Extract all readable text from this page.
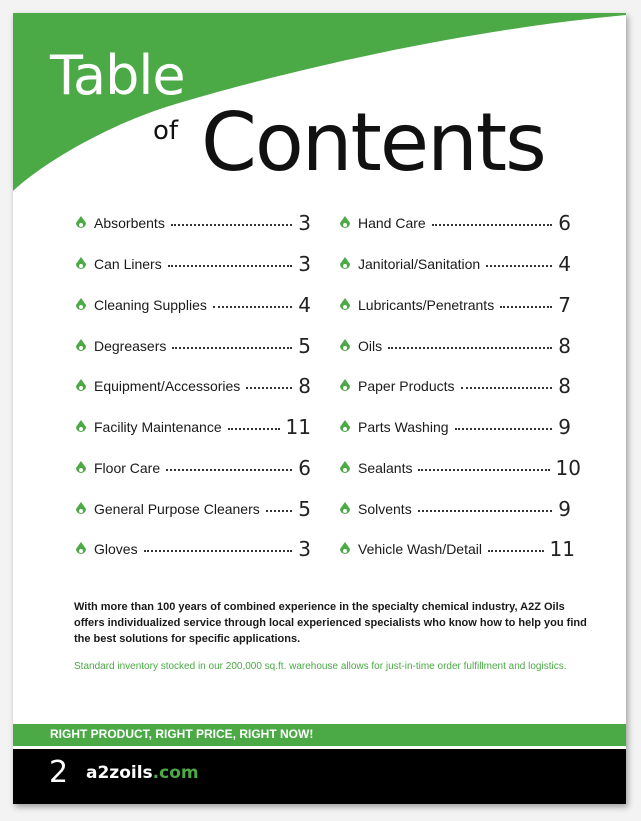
Table
of Contents
Absorbents	3
Can Liners	3
Cleaning Supplies	4
Degreasers	5
Equipment/Accessories	8
Facility Maintenance	11
Floor Care	6
General Purpose Cleaners 5
Gloves	3
Hand Care	6
Janitorial/Sanitation	4
Lubricants/Penetrants	7
Oils	8
Paper Products	8
Parts Washing	9
Sealants	10
Solvents	9
Vehicle Wash/Detail	11

With more than 100 years of combined experience in the specialty chemical industry, A2Z Oils offers individualized service through local experienced specialists who know how to help you find the best solutions for specific applications.

Standard inventory stocked in our 200,000 sq.ft. warehouse allows for just-in-time order fulfillment and logistics.
RIGHT PRODUCT, RIGHT PRICE, RIGHT NOW!
2 a2zoils.com
